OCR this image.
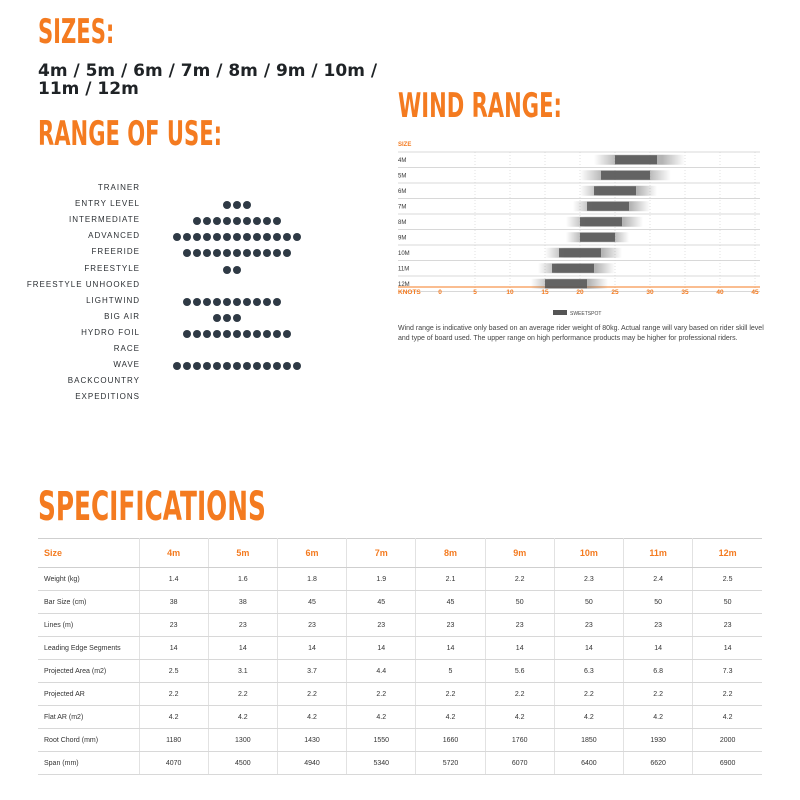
SIZES:

4m / 5m / 6m / 7m / 8m / 9m / 10m / 11m / 12m

RANGE OF USE:
TRAINER
ENTRY LEVEL
INTERMEDIATE
ADVANCED
FREERIDE
FREESTYLE
FREESTYLE UNHOOKED
LIGHTWIND
BIG AIR
HYDRO FOIL
RACE
WAVE
BACKCOUNTRY
EXPEDITIONS
WIND RANGE:
0	5	10	15	20	25	30	35	40	45
4M
5M
6M
7M
8M
9M
10M
11M
12M
SIZE
KNOTS
SWEETSPOT

Wind range is indicative only based on an average rider weight of 80kg. Actual range will vary based on rider skill level and type of board used. The upper range on high performance products may be higher for professional riders.

SPECIFICATIONS
Size	4m	5m	6m	7m	8m	9m	10m	11m	12m
Weight (kg)	1.4	1.6	1.8	1.9	2.1	2.2	2.3	2.4	2.5
Bar Size (cm)	38	38	45	45	45	50	50	50	50
Lines (m)	23	23	23	23	23	23	23	23	23
Leading Edge Segments	14	14	14	14	14	14	14	14	14
Projected Area (m2)	2.5	3.1	3.7	4.4	5	5.6	6.3	6.8	7.3
Projected AR	2.2	2.2	2.2	2.2	2.2	2.2	2.2	2.2	2.2
Flat AR (m2)	4.2	4.2	4.2	4.2	4.2	4.2	4.2	4.2	4.2
Root Chord (mm)	1180	1300	1430	1550	1660	1760	1850	1930	2000
Span (mm)	4070	4500	4940	5340	5720	6070	6400	6620	6900
